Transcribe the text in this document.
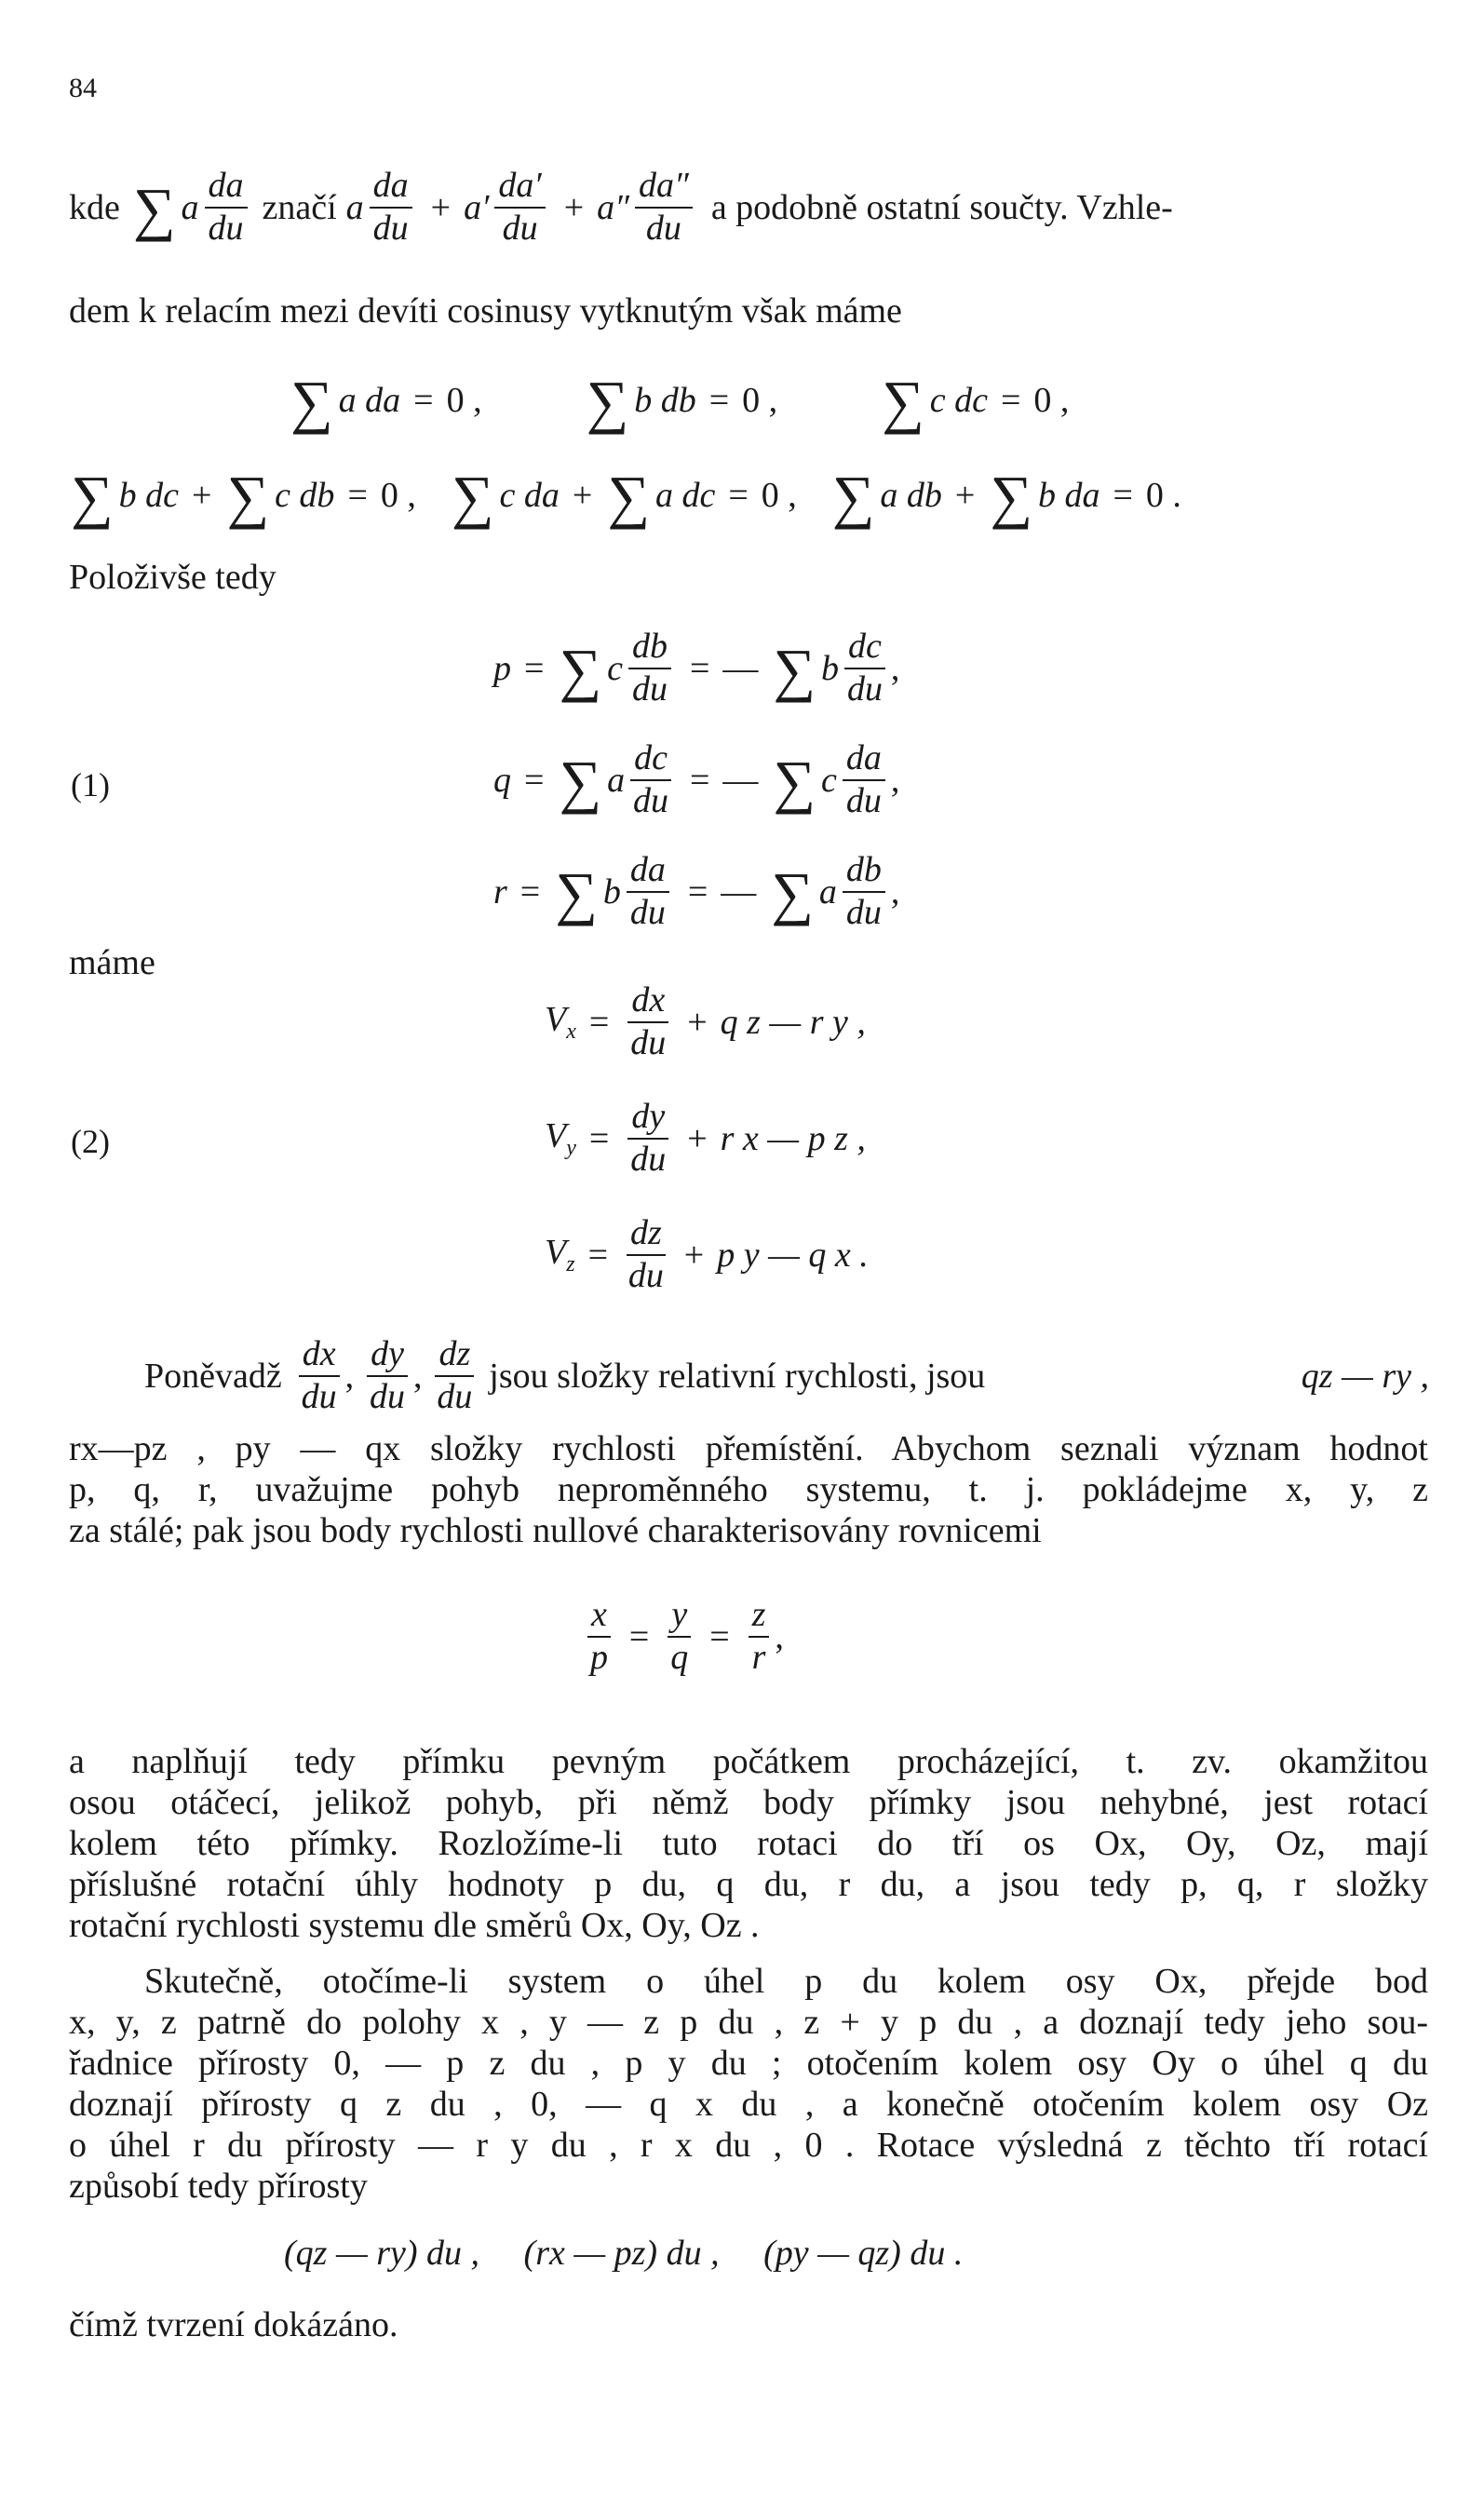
84
kde ∑ a
da
du
značí a
da
du
+ a′
da′
du
+ a″
da″
du
a podobně ostatní součty. Vzhle-
dem k relacím mezi devíti cosinusy vytknutým však máme
∑ a da = 0 , ∑ b db = 0 , ∑ c dc = 0 ,
∑ b dc + ∑ c db = 0 , ∑ c da + ∑ a dc = 0 , ∑ a db + ∑ b da = 0 .
Položivše tedy
p = ∑ c $\frac{db}{du}$ = — ∑ b
dc
du
,
(1)	q = ∑ a $\frac{dc}{du}$ = — ∑ c
da
du
,
r = ∑ b $\frac{da}{du}$ = — ∑ a
db
du
,
máme
$V_x = \frac{dx}{du} + q$ z — r y ,
(2)	$V_y = \frac{dy}{du} + r$ x — p z ,
$V_z = \frac{dz}{du} + p$ y — q x .
Poněvadž
dx
du
,
dy
du
,
dz
du
jsou složky relativní rychlosti, jsou	qz — ry ,
rx—pz , py — qx složky rychlosti přemístění. Abychom seznali význam hodnot
p, q, r, uvažujme pohyb neproměnného systemu, t. j. pokládejme x, y, z
za stálé; pak jsou body rychlosti nullové charakterisovány rovnicemi
$\frac{x}{p} = \frac{y}{q} = \frac{z}{r}$ ,
a naplňují tedy přímku pevným počátkem procházející, t. zv. okamžitou
osou otáčecí, jelikož pohyb, při němž body přímky jsou nehybné, jest rotací
kolem této přímky. Rozložíme-li tuto rotaci do tří os Ox, Oy, Oz, mají
příslušné rotační úhly hodnoty p du, q du, r du, a jsou tedy p, q, r složky
rotační rychlosti systemu dle směrů Ox, Oy, Oz .
Skutečně, otočíme-li system o úhel p du kolem osy Ox, přejde bod
x, y, z patrně do polohy x , y — z p du , z + y p du , a doznají tedy jeho sou-
řadnice přírosty 0, — p z du , p y du ; otočením kolem osy Oy o úhel q du
doznají přírosty q z du , 0, — q x du , a konečně otočením kolem osy Oz
o úhel r du přírosty — r y du , r x du , 0 . Rotace výsledná z těchto tří rotací
způsobí tedy přírosty
(qz — ry) du ,     (rx — pz) du ,     (py — qz) du .
čímž tvrzení dokázáno.
